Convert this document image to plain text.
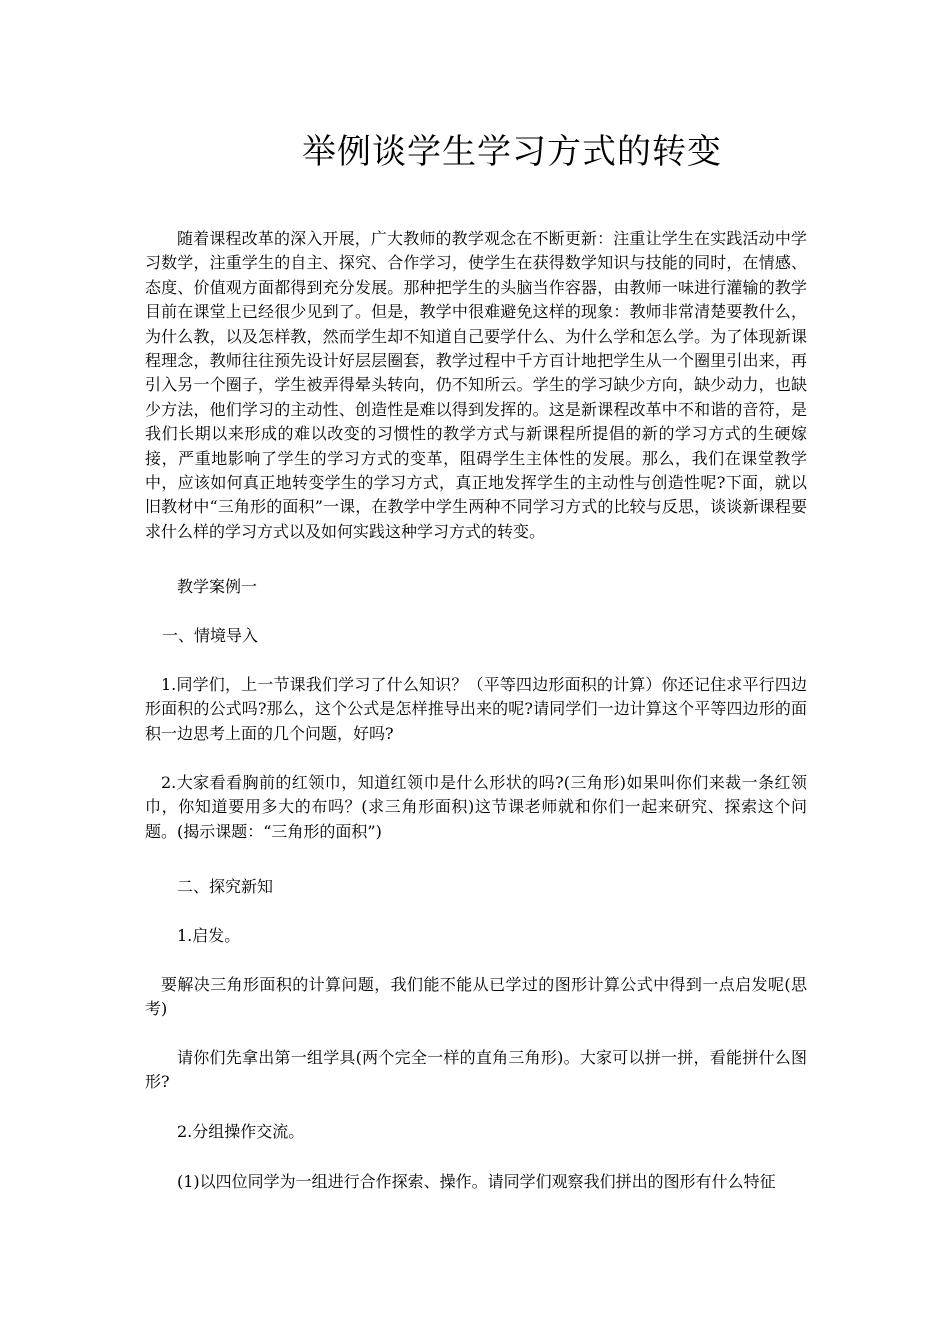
举例谈学生学习方式的转变

随着课程改革的深入开展，广大教师的教学观念在不断更新：注重让学生在实践活动中学习数学，注重学生的自主、探究、合作学习，使学生在获得数学知识与技能的同时，在情感、态度、价值观方面都得到充分发展。那种把学生的头脑当作容器，由教师一味进行灌输的教学目前在课堂上已经很少见到了。但是，教学中很难避免这样的现象：教师非常清楚要教什么，为什么教，以及怎样教，然而学生却不知道自己要学什么、为什么学和怎么学。为了体现新课程理念，教师往往预先设计好层层圈套，教学过程中千方百计地把学生从一个圈里引出来，再引入另一个圈子，学生被弄得晕头转向，仍不知所云。学生的学习缺少方向，缺少动力，也缺少方法，他们学习的主动性、创造性是难以得到发挥的。这是新课程改革中不和谐的音符，是我们长期以来形成的难以改变的习惯性的教学方式与新课程所提倡的新的学习方式的生硬嫁接，严重地影响了学生的学习方式的变革，阻碍学生主体性的发展。那么，我们在课堂教学中，应该如何真正地转变学生的学习方式，真正地发挥学生的主动性与创造性呢?下面，就以旧教材中“三角形的面积”一课，在教学中学生两种不同学习方式的比较与反思，谈谈新课程要求什么样的学习方式以及如何实践这种学习方式的转变。

教学案例一

一、情境导入

1.同学们，上一节课我们学习了什么知识？（平等四边形面积的计算）你还记住求平行四边形面积的公式吗?那么，这个公式是怎样推导出来的呢?请同学们一边计算这个平等四边形的面积一边思考上面的几个问题，好吗?

2.大家看看胸前的红领巾，知道红领巾是什么形状的吗?(三角形)如果叫你们来裁一条红领巾，你知道要用多大的布吗？(求三角形面积)这节课老师就和你们一起来研究、探索这个问题。(揭示课题：“三角形的面积”)

二、探究新知

1.启发。

要解决三角形面积的计算问题，我们能不能从已学过的图形计算公式中得到一点启发呢(思考)

请你们先拿出第一组学具(两个完全一样的直角三角形)。大家可以拼一拼，看能拼什么图形?

2.分组操作交流。

(1)以四位同学为一组进行合作探索、操作。请同学们观察我们拼出的图形有什么特征
